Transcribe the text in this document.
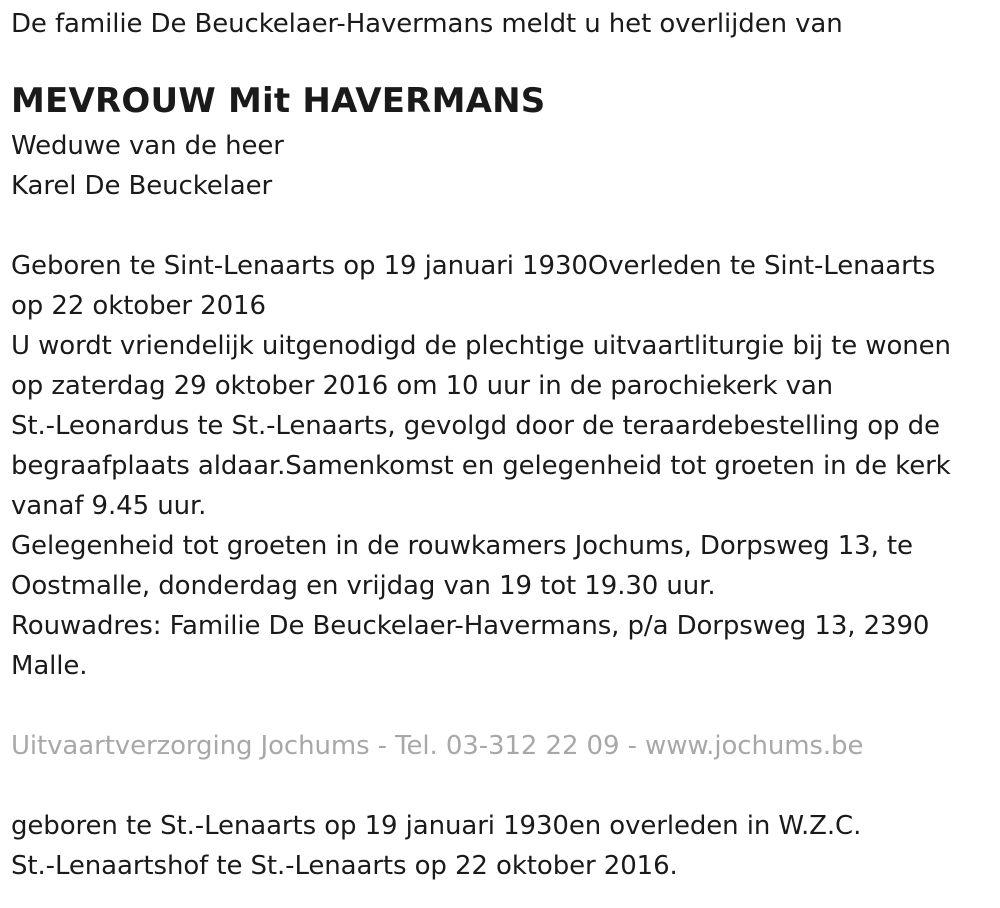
De familie De Beuckelaer-Havermans meldt u het overlijden van
MEVROUW Mit HAVERMANS
Weduwe van de heer
Karel De Beuckelaer
Geboren te Sint-Lenaarts op 19 januari 1930Overleden te Sint-Lenaarts
op 22 oktober 2016
U wordt vriendelijk uitgenodigd de plechtige uitvaartliturgie bij te wonen
op zaterdag 29 oktober 2016 om 10 uur in de parochiekerk van
St.-Leonardus te St.-Lenaarts, gevolgd door de teraardebestelling op de
begraafplaats aldaar.Samenkomst en gelegenheid tot groeten in de kerk
vanaf 9.45 uur.
Gelegenheid tot groeten in de rouwkamers Jochums, Dorpsweg 13, te
Oostmalle, donderdag en vrijdag van 19 tot 19.30 uur.
Rouwadres: Familie De Beuckelaer-Havermans, p/a Dorpsweg 13, 2390
Malle.
Uitvaartverzorging Jochums - Tel. 03-312 22 09 - www.jochums.be
geboren te St.-Lenaarts op 19 januari 1930en overleden in W.Z.C.
St.-Lenaartshof te St.-Lenaarts op 22 oktober 2016.
